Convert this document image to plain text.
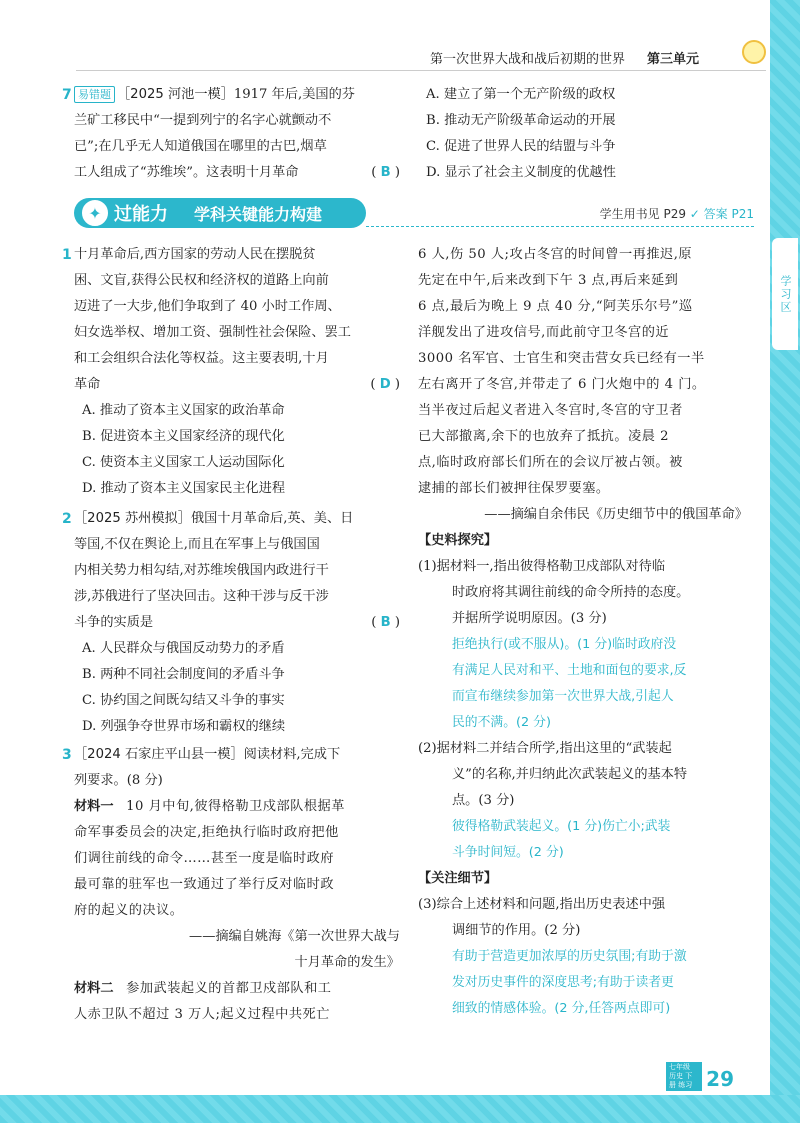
学习区
第一次世界大战和战后初期的世界 第三单元
7 易错题 ［2025 河池一模］1917 年后,美国的芬
兰矿工移民中“一提到列宁的名字心就颤动不
已”;在几乎无人知道俄国在哪里的古巴,烟草
工人组成了“苏维埃”。这表明十月革命	( B )
A. 建立了第一个无产阶级的政权
B. 推动无产阶级革命运动的开展
C. 促进了世界人民的结盟与斗争
D. 显示了社会主义制度的优越性
过能力 学科关键能力构建
✦	学生用书见 P29 ✓ 答案 P21
1 十月革命后,西方国家的劳动人民在摆脱贫
困、文盲,获得公民权和经济权的道路上向前
迈进了一大步,他们争取到了 40 小时工作周、
妇女选举权、增加工资、强制性社会保险、罢工
和工会组织合法化等权益。这主要表明,十月
革命	( D )
A. 推动了资本主义国家的政治革命
B. 促进资本主义国家经济的现代化
C. 使资本主义国家工人运动国际化
D. 推动了资本主义国家民主化进程
2 ［2025 苏州模拟］俄国十月革命后,英、美、日
等国,不仅在舆论上,而且在军事上与俄国国
内相关势力相勾结,对苏维埃俄国内政进行干
涉,苏俄进行了坚决回击。这种干涉与反干涉
斗争的实质是	( B )
A. 人民群众与俄国反动势力的矛盾
B. 两种不同社会制度间的矛盾斗争
C. 协约国之间既勾结又斗争的事实
D. 列强争夺世界市场和霸权的继续
3 ［2024 石家庄平山县一模］阅读材料,完成下
列要求。(8 分)
材料一 10 月中旬,彼得格勒卫戍部队根据革
命军事委员会的决定,拒绝执行临时政府把他
们调往前线的命令……甚至一度是临时政府
最可靠的驻军也一致通过了举行反对临时政
府的起义的决议。
——摘编自姚海《第一次世界大战与
十月革命的发生》
材料二 参加武装起义的首都卫戍部队和工
人赤卫队不超过 3 万人;起义过程中共死亡
6 人,伤 50 人;攻占冬宫的时间曾一再推迟,原
先定在中午,后来改到下午 3 点,再后来延到
6 点,最后为晚上 9 点 40 分,“阿芙乐尔号”巡
洋舰发出了进攻信号,而此前守卫冬宫的近
3000 名军官、士官生和突击营女兵已经有一半
左右离开了冬宫,并带走了 6 门火炮中的 4 门。
当半夜过后起义者进入冬宫时,冬宫的守卫者
已大部撤离,余下的也放弃了抵抗。凌晨 2
点,临时政府部长们所在的会议厅被占领。被
逮捕的部长们被押往保罗要塞。
——摘编自余伟民《历史细节中的俄国革命》
【史料探究】
(1)据材料一,指出彼得格勒卫戍部队对待临
时政府将其调往前线的命令所持的态度。
并据所学说明原因。(3 分)
拒绝执行(或不服从)。(1 分)临时政府没
有满足人民对和平、土地和面包的要求,反
而宣布继续参加第一次世界大战,引起人
民的不满。(2 分)
(2)据材料二并结合所学,指出这里的“武装起
义”的名称,并归纳此次武装起义的基本特
点。(3 分)
彼得格勒武装起义。(1 分)伤亡小;武装
斗争时间短。(2 分)
【关注细节】
(3)综合上述材料和问题,指出历史表述中强
调细节的作用。(2 分)
有助于营造更加浓厚的历史氛围;有助于激
发对历史事件的深度思考;有助于读者更
细致的情感体验。(2 分,任答两点即可)
七年级 历史 下册 练习 29
